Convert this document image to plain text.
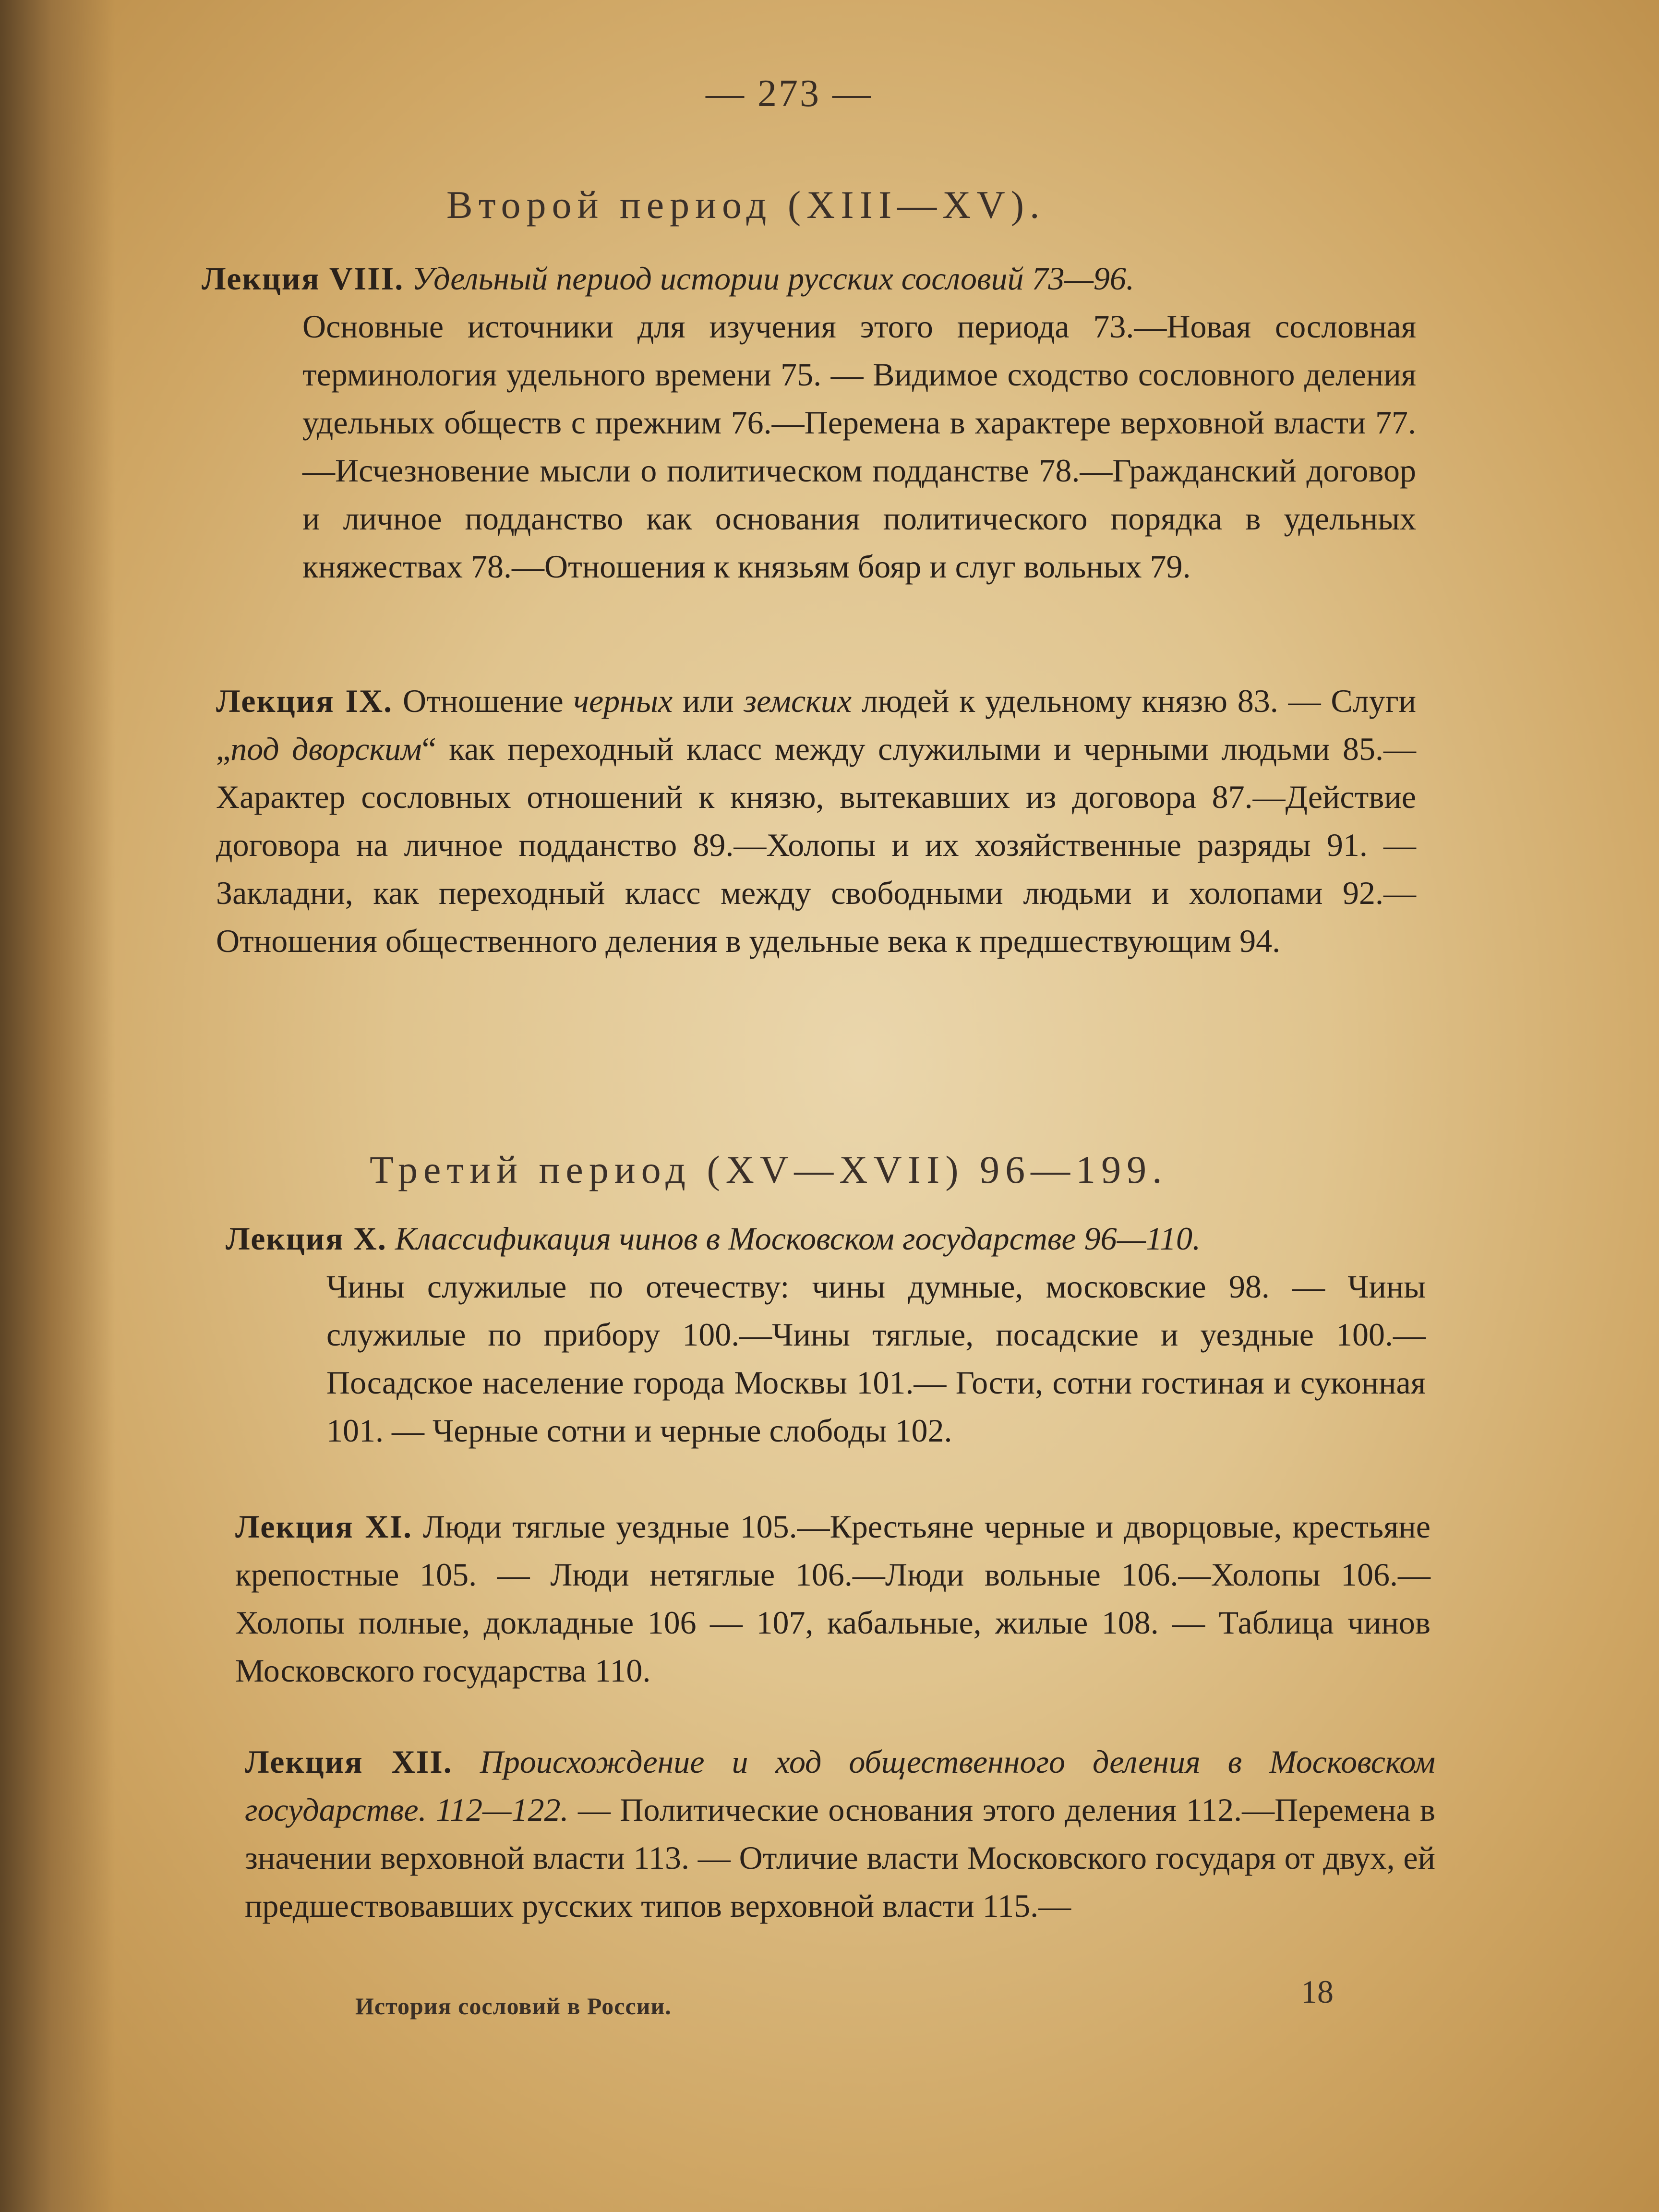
— 273 —
Второй период (XIII—XV).
Лекция VIII. Удельный период истории русских сословий 73—96.
Основные источники для изучения этого периода 73.—Новая сословная терминология удельного времени 75. — Видимое сходство сословного деления удельных обществ с прежним 76.—Перемена в характере верховной власти 77.—Исчезновение мысли о политическом подданстве 78.—Гражданский договор и личное подданство как основания политического порядка в удельных княжествах 78.—Отношения к князьям бояр и слуг вольных 79.
Лекция IX. Отношение черных или земских людей к удельному князю 83. — Слуги „под дворским“ как переходный класс между служилыми и черными людьми 85.—Характер сословных отношений к князю, вытекавших из договора 87.—Действие договора на личное подданство 89.—Холопы и их хозяйственные разряды 91. — Закладни, как переходный класс между свободными людьми и холопами 92.—Отношения общественного деления в удельные века к предшествующим 94.
Третий период (XV—XVII) 96—199.
Лекция X. Классификация чинов в Московском государстве 96—110.
Чины служилые по отечеству: чины думные, московские 98. — Чины служилые по прибору 100.—Чины тяглые, посадские и уездные 100.—Посадское население города Москвы 101.— Гости, сотни гостиная и суконная 101. — Черные сотни и черные слободы 102.
Лекция XI. Люди тяглые уездные 105.—Крестьяне черные и дворцовые, крестьяне крепостные 105. — Люди нетяглые 106.—Люди вольные 106.—Холопы 106.—Холопы полные, докладные 106 — 107, кабальные, жилые 108. — Таблица чинов Московского государства 110.
Лекция XII. Происхождение и ход общественного деления в Московском государстве. 112—122. — Политические основания этого деления 112.—Перемена в значении верховной власти 113. — Отличие власти Московского государя от двух, ей предшествовавших русских типов верховной власти 115.—
История сословий в России.	18
